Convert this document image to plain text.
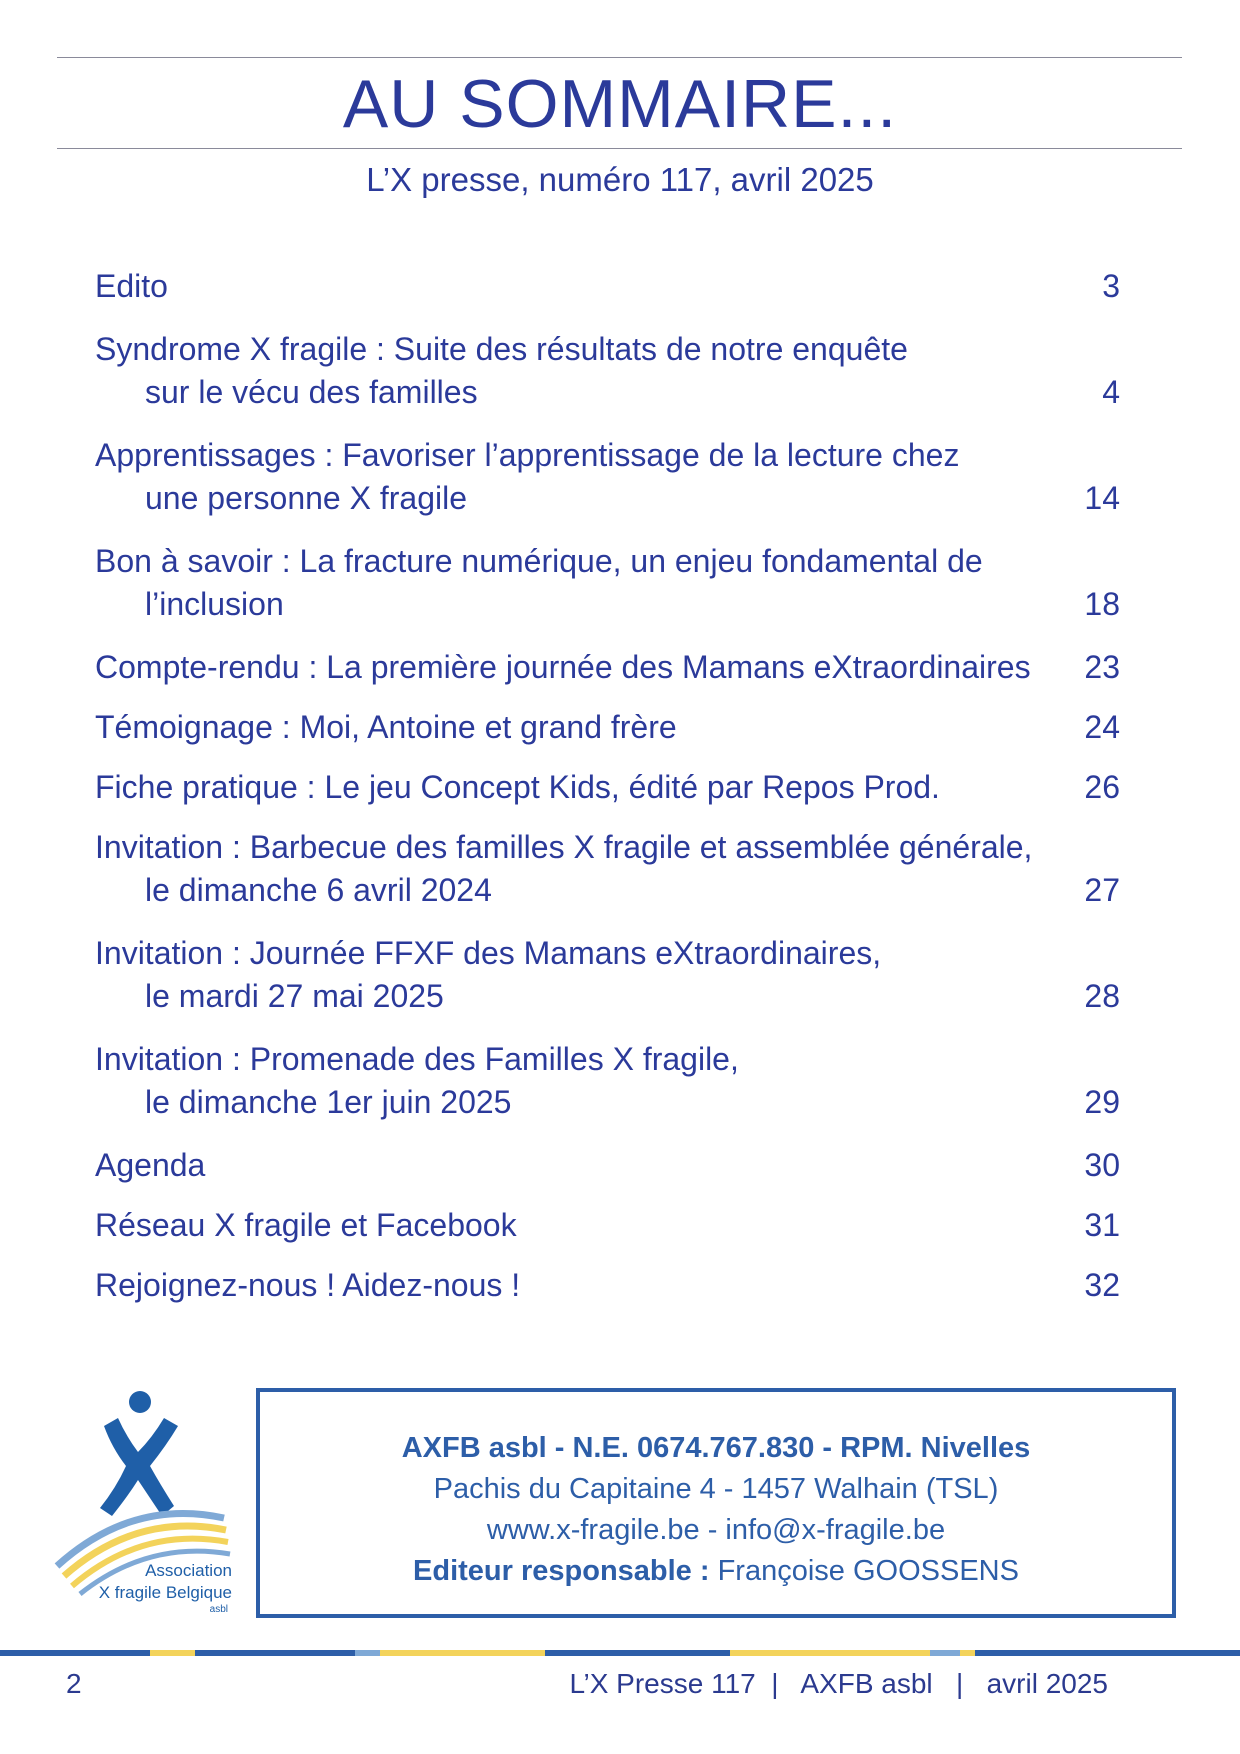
AU SOMMAIRE...
L’X presse, numéro 117, avril 2025
Edito	3
Syndrome X fragile : Suite des résultats de notre enquête
sur le vécu des familles	4
Apprentissages : Favoriser l’apprentissage de la lecture chez
une personne X fragile	14
Bon à savoir : La fracture numérique, un enjeu fondamental de
l’inclusion	18
Compte-rendu : La première journée des Mamans eXtraordinaires	23
Témoignage : Moi, Antoine et grand frère	24
Fiche pratique : Le jeu Concept Kids, édité par Repos Prod.	26
Invitation : Barbecue des familles X fragile et assemblée générale,
le dimanche 6 avril 2024	27
Invitation : Journée FFXF des Mamans eXtraordinaires,
le mardi 27 mai 2025	28
Invitation : Promenade des Familles X fragile,
le dimanche 1er juin 2025	29
Agenda	30
Réseau X fragile et Facebook	31
Rejoignez-nous ! Aidez-nous !	32
Association
X fragile Belgique
asbl
AXFB asbl - N.E. 0674.767.830 - RPM. Nivelles
Pachis du Capitaine 4 - 1457 Walhain (TSL)
www.x-fragile.be - info@x-fragile.be
Editeur responsable : Françoise GOOSSENS
2	L’X Presse 117  |   AXFB asbl   |   avril 2025
